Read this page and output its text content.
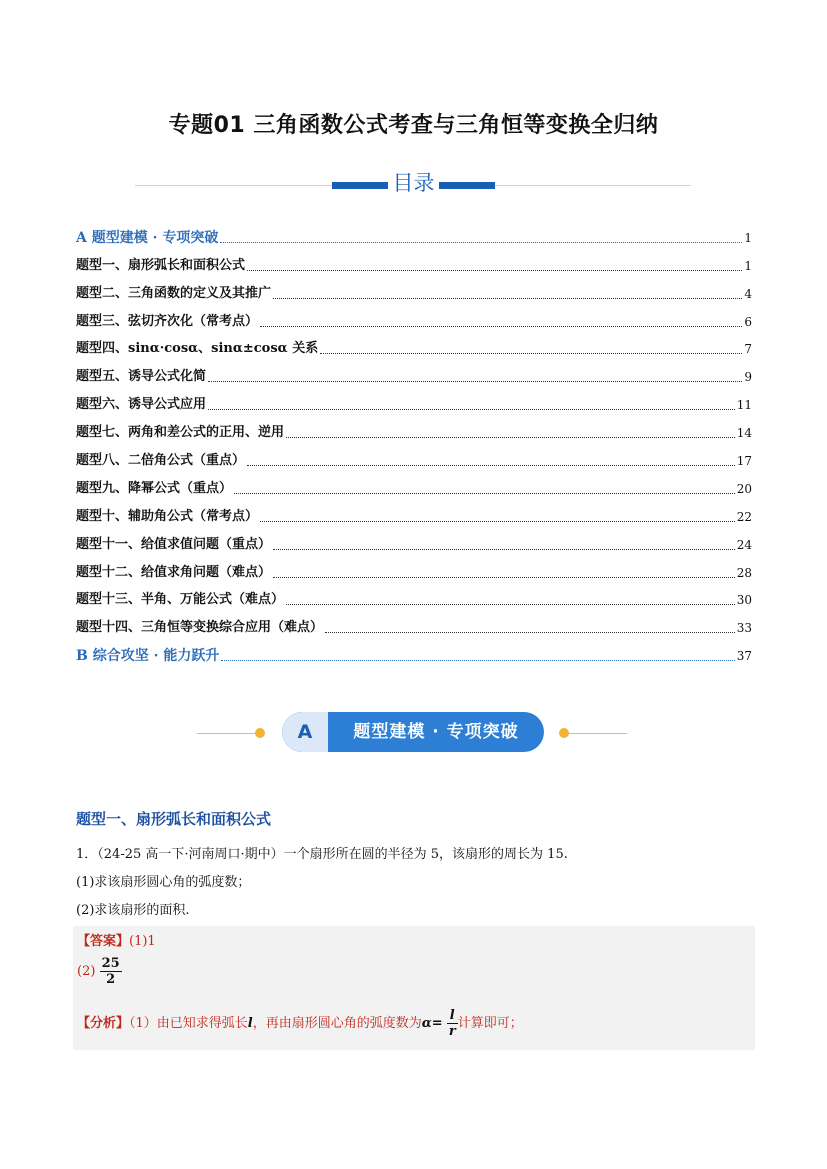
专题01 三角函数公式考查与三角恒等变换全归纳
目录
A 题型建模 · 专项突破	1
题型一、扇形弧长和面积公式	1
题型二、三角函数的定义及其推广	4
题型三、弦切齐次化（常考点）	6
题型四、sinα·cosα、sinα±cosα 关系	7
题型五、诱导公式化简	9
题型六、诱导公式应用	11
题型七、两角和差公式的正用、逆用	14
题型八、二倍角公式（重点）	17
题型九、降幂公式（重点）	20
题型十、辅助角公式（常考点）	22
题型十一、给值求值问题（重点）	24
题型十二、给值求角问题（难点）	28
题型十三、半角、万能公式（难点）	30
题型十四、三角恒等变换综合应用（难点）	33
B 综合攻坚 · 能力跃升	37
A	题型建模 · 专项突破
题型一、扇形弧长和面积公式
1．（24-25 高一下·河南周口·期中）一个扇形所在圆的半径为 5，该扇形的周长为 15.
(1)求该扇形圆心角的弧度数；
(2)求该扇形的面积.
【答案】(1)1
$(2) \frac{25}{2}$
【分析】（1）由已知求得弧长l，再由扇形圆心角的弧度数为$\alpha= \frac{l}{r}$ 计算即可；
